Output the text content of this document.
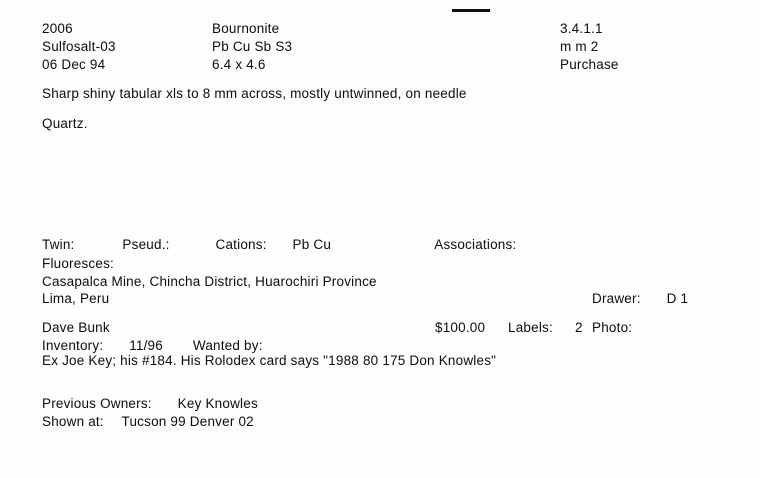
2006	Bournonite	3.4.1.1
Sulfosalt-03	Pb Cu Sb S3	m m 2
06 Dec 94	6.4 x 4.6	Purchase
Sharp shiny tabular xls to 8 mm across, mostly untwinned, on needle
Quartz.
Twin:	Pseud.:	Cations: Pb Cu	Associations:
Fluoresces:
Casapalca Mine, Chincha District, Huarochiri Province
Lima, Peru	Drawer: D 1
Dave Bunk	$100.00 Labels: 2 Photo:
Inventory: 11/96 Wanted by:
Ex Joe Key; his #184. His Rolodex card says "1988 80 175 Don Knowles"
Previous Owners: Key Knowles
Shown at: Tucson 99 Denver 02
